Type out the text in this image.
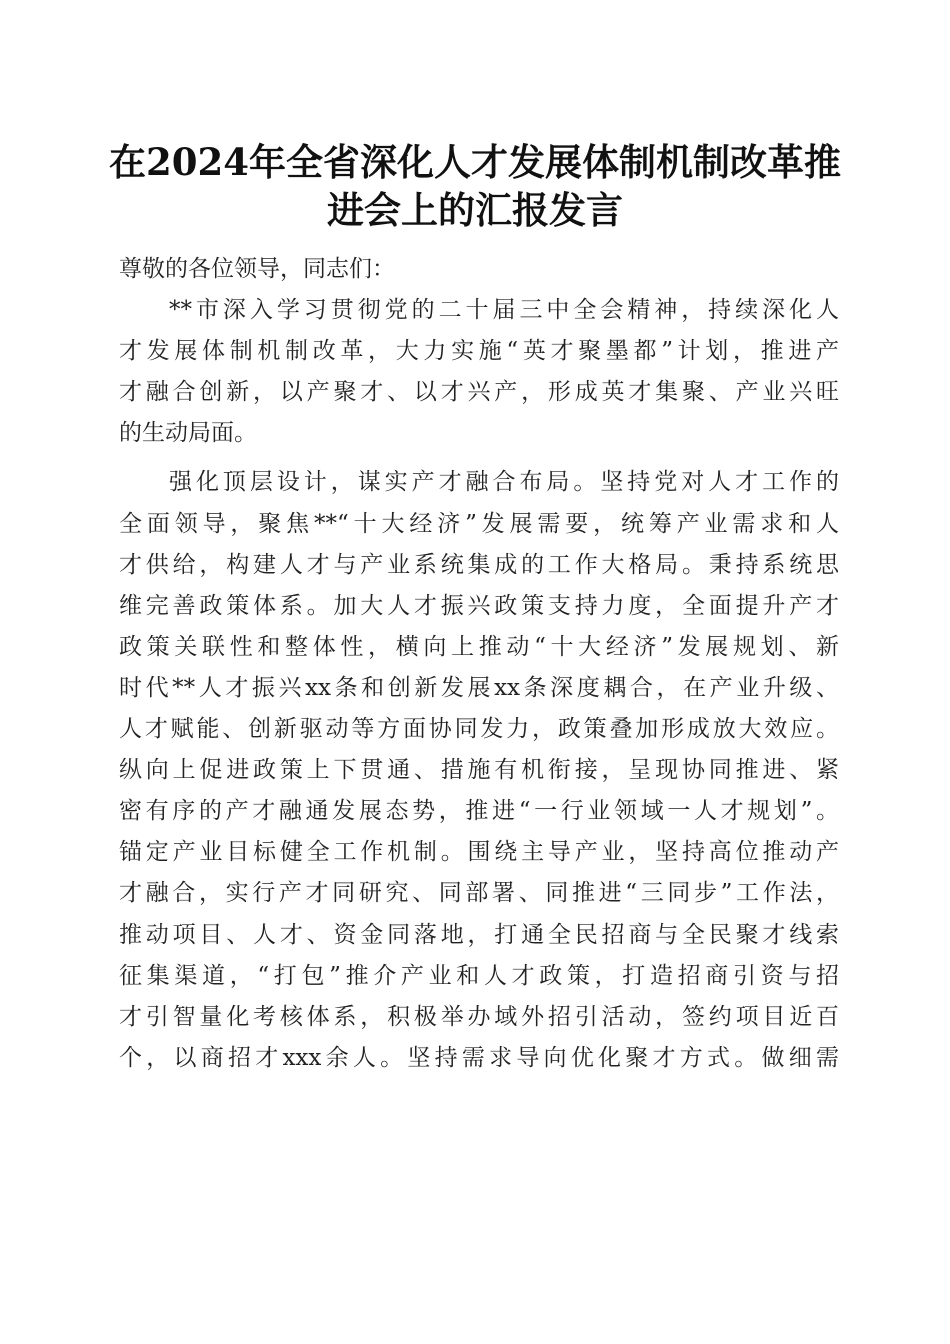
在2024年全省深化人才发展体制机制改革推
进会上的汇报发言
尊敬的各位领导，同志们：
**市深入学习贯彻党的二十届三中全会精神，持续深化人
才发展体制机制改革，大力实施“英才聚墨都”计划，推进产
才融合创新，以产聚才、以才兴产，形成英才集聚、产业兴旺
的生动局面。
强化顶层设计，谋实产才融合布局。坚持党对人才工作的
全面领导，聚焦**“十大经济”发展需要，统筹产业需求和人
才供给，构建人才与产业系统集成的工作大格局。秉持系统思
维完善政策体系。加大人才振兴政策支持力度，全面提升产才
政策关联性和整体性，横向上推动“十大经济”发展规划、新
时代**人才振兴xx条和创新发展xx条深度耦合，在产业升级、
人才赋能、创新驱动等方面协同发力，政策叠加形成放大效应。
纵向上促进政策上下贯通、措施有机衔接，呈现协同推进、紧
密有序的产才融通发展态势，推进“一行业领域一人才规划”。
锚定产业目标健全工作机制。围绕主导产业，坚持高位推动产
才融合，实行产才同研究、同部署、同推进“三同步”工作法，
推动项目、人才、资金同落地，打通全民招商与全民聚才线索
征集渠道，“打包”推介产业和人才政策，打造招商引资与招
才引智量化考核体系，积极举办域外招引活动，签约项目近百
个，以商招才xxx余人。坚持需求导向优化聚才方式。做细需
